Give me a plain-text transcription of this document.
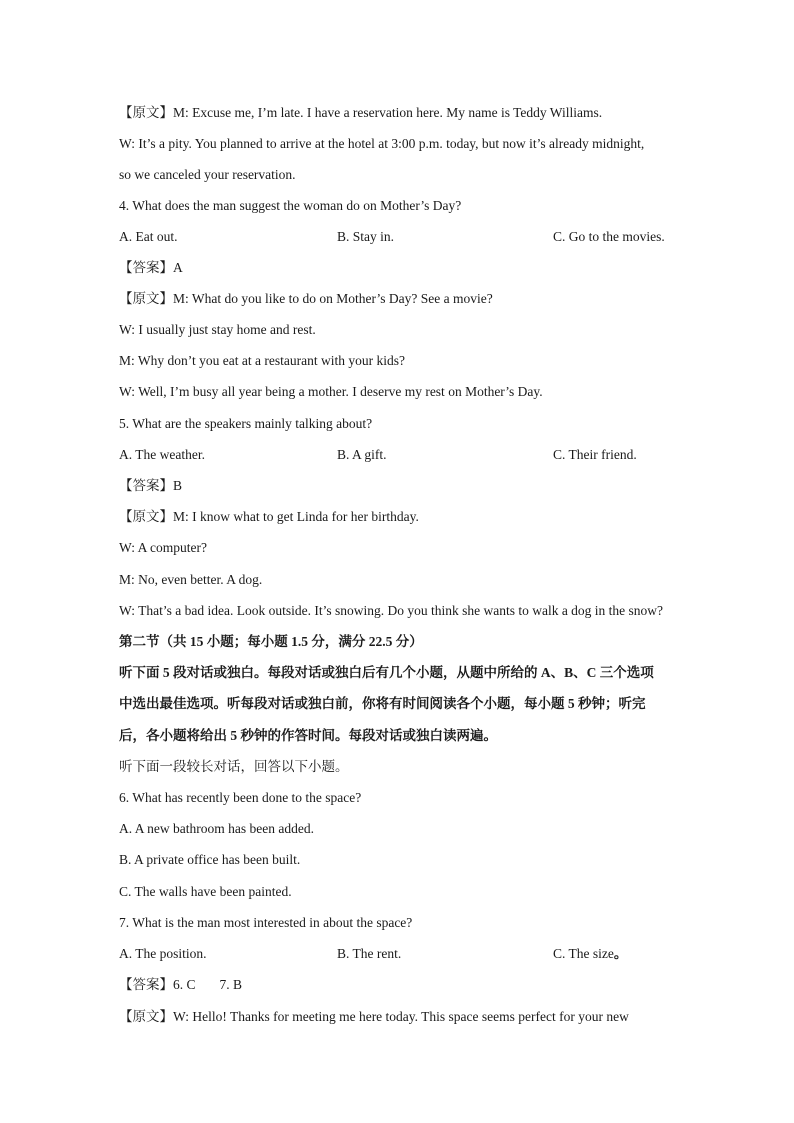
【原文】M: Excuse me, I’m late. I have a reservation here. My name is Teddy Williams.
W: It’s a pity. You planned to arrive at the hotel at 3:00 p.m. today, but now it’s already midnight,
so we canceled your reservation.
4. What does the man suggest the woman do on Mother’s Day?
A. Eat out.	B. Stay in.	C. Go to the movies.
【答案】A
【原文】M: What do you like to do on Mother’s Day? See a movie?
W: I usually just stay home and rest.
M: Why don’t you eat at a restaurant with your kids?
W: Well, I’m busy all year being a mother. I deserve my rest on Mother’s Day.
5. What are the speakers mainly talking about?
A. The weather.	B. A gift.	C. Their friend.
【答案】B
【原文】M: I know what to get Linda for her birthday.
W: A computer?
M: No, even better. A dog.
W: That’s a bad idea. Look outside. It’s snowing. Do you think she wants to walk a dog in the snow?
第二节（共 15 小题；每小题 1.5 分，满分 22.5 分）
听下面 5 段对话或独白。每段对话或独白后有几个小题，从题中所给的 A、B、C 三个选项
中选出最佳选项。听每段对话或独白前，你将有时间阅读各个小题，每小题 5 秒钟；听完
后，各小题将给出 5 秒钟的作答时间。每段对话或独白读两遍。
听下面一段较长对话，回答以下小题。
6. What has recently been done to the space?
A. A new bathroom has been added.
B. A private office has been built.
C. The walls have been painted.
7. What is the man most interested in about the space?
A. The position.	B. The rent.	C. The size。
【答案】6. C 7. B
【原文】W: Hello! Thanks for meeting me here today. This space seems perfect for your new
